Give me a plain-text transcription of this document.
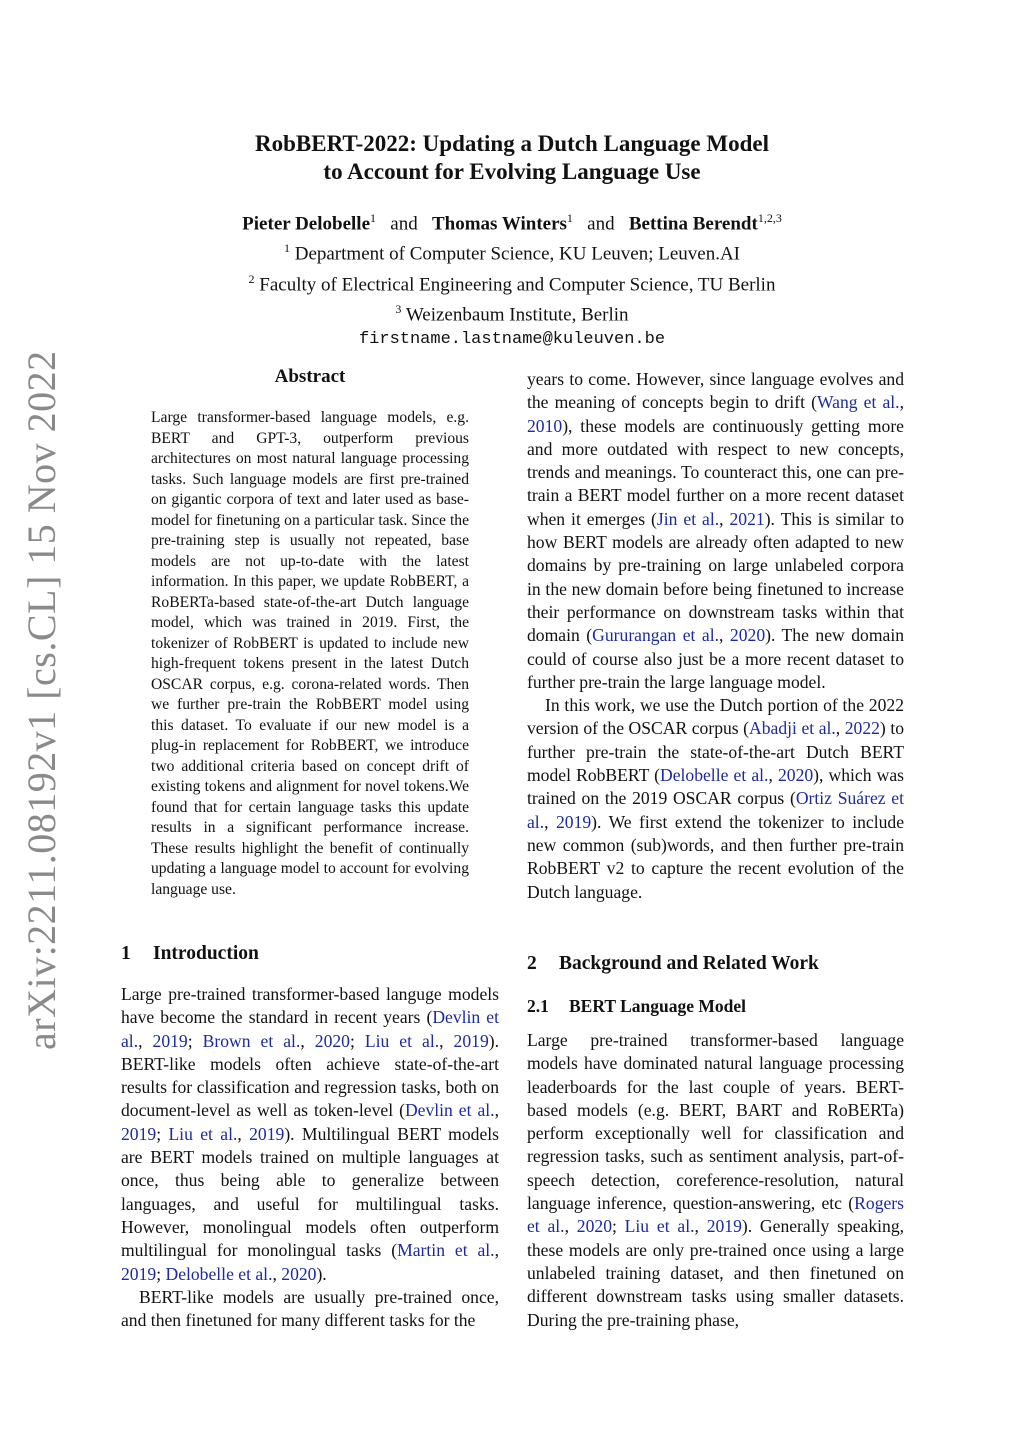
arXiv:2211.08192v1 [cs.CL] 15 Nov 2022
RobBERT-2022: Updating a Dutch Language Model
to Account for Evolving Language Use
Pieter Delobelle$^1$ and Thomas Winters$^1$ and Bettina Berendt$^{1,2,3}$
$^1$ Department of Computer Science, KU Leuven; Leuven.AI
$^2$ Faculty of Electrical Engineering and Computer Science, TU Berlin
$^3$ Weizenbaum Institute, Berlin
firstname.lastname@kuleuven.be
Abstract
Large transformer-based language models, e.g. BERT and GPT-3, outperform previous architectures on most natural language processing tasks. Such language models are first pre-trained on gigantic corpora of text and later used as base-model for finetuning on a particular task. Since the pre-training step is usually not repeated, base models are not up-to-date with the latest information. In this paper, we update RobBERT, a RoBERTa-based state-of-the-art Dutch language model, which was trained in 2019. First, the tokenizer of RobBERT is updated to include new high-frequent tokens present in the latest Dutch OSCAR corpus, e.g. corona-related words. Then we further pre-train the RobBERT model using this dataset. To evaluate if our new model is a plug-in replacement for RobBERT, we introduce two additional criteria based on concept drift of existing tokens and alignment for novel tokens.We found that for certain language tasks this update results in a significant performance increase. These results highlight the benefit of continually updating a language model to account for evolving language use.
1 Introduction

Large pre-trained transformer-based languge models have become the standard in recent years (Devlin et al., 2019; Brown et al., 2020; Liu et al., 2019). BERT-like models often achieve state-of-the-art results for classification and regression tasks, both on document-level as well as token-level (Devlin et al., 2019; Liu et al., 2019). Multilingual BERT models are BERT models trained on multiple languages at once, thus being able to generalize between languages, and useful for multilingual tasks. However, monolingual models often outperform multilingual for monolingual tasks (Martin et al., 2019; Delobelle et al., 2020).

BERT-like models are usually pre-trained once, and then finetuned for many different tasks for the

years to come. However, since language evolves and the meaning of concepts begin to drift (Wang et al., 2010), these models are continuously getting more and more outdated with respect to new concepts, trends and meanings. To counteract this, one can pre-train a BERT model further on a more recent dataset when it emerges (Jin et al., 2021). This is similar to how BERT models are already often adapted to new domains by pre-training on large unlabeled corpora in the new domain before being finetuned to increase their performance on downstream tasks within that domain (Gururangan et al., 2020). The new domain could of course also just be a more recent dataset to further pre-train the large language model.

In this work, we use the Dutch portion of the 2022 version of the OSCAR corpus (Abadji et al., 2022) to further pre-train the state-of-the-art Dutch BERT model RobBERT (Delobelle et al., 2020), which was trained on the 2019 OSCAR corpus (Ortiz Suárez et al., 2019). We first extend the tokenizer to include new common (sub)words, and then further pre-train RobBERT v2 to capture the recent evolution of the Dutch language.

2 Background and Related Work
2.1 BERT Language Model

Large pre-trained transformer-based language models have dominated natural language processing leaderboards for the last couple of years. BERT-based models (e.g. BERT, BART and RoBERTa) perform exceptionally well for classification and regression tasks, such as sentiment analysis, part-of-speech detection, coreference-resolution, natural language inference, question-answering, etc (Rogers et al., 2020; Liu et al., 2019). Generally speaking, these models are only pre-trained once using a large unlabeled training dataset, and then finetuned on different downstream tasks using smaller datasets. During the pre-training phase,
